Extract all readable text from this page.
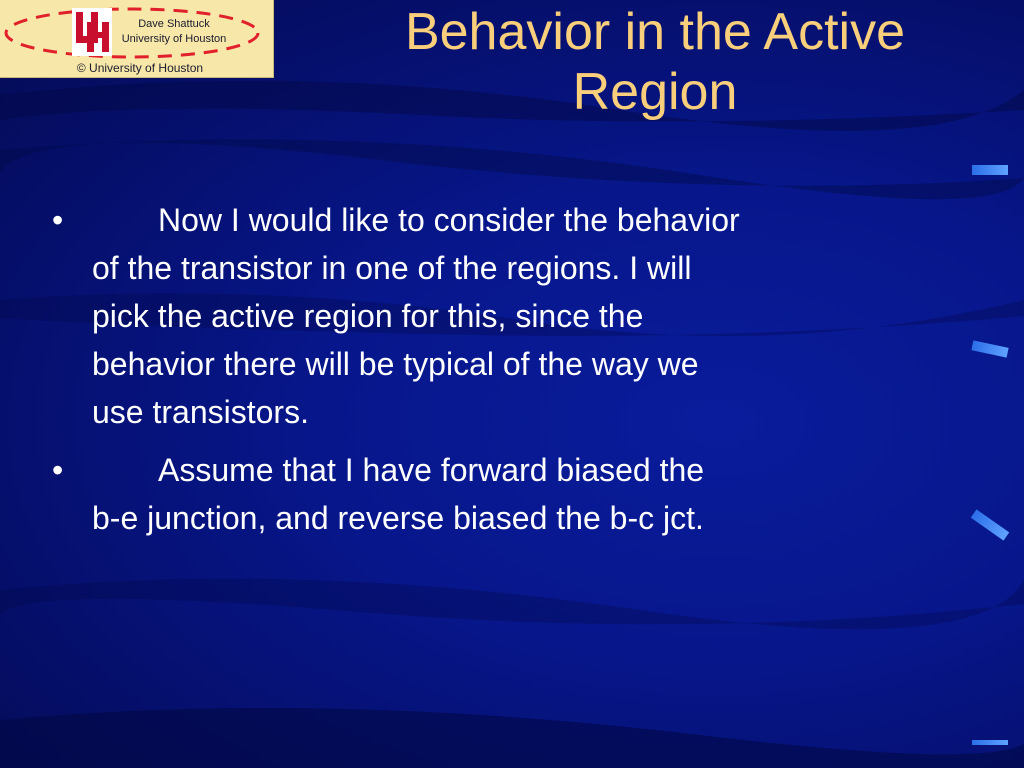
Dave Shattuck
University of Houston
© University of Houston
Behavior in the Active
Region
•	Now I would like to consider the behavior
of the transistor in one of the regions. I will
pick the active region for this, since the
behavior there will be typical of the way we
use transistors.
•	Assume that I have forward biased the
b-e junction, and reverse biased the b-c jct.
